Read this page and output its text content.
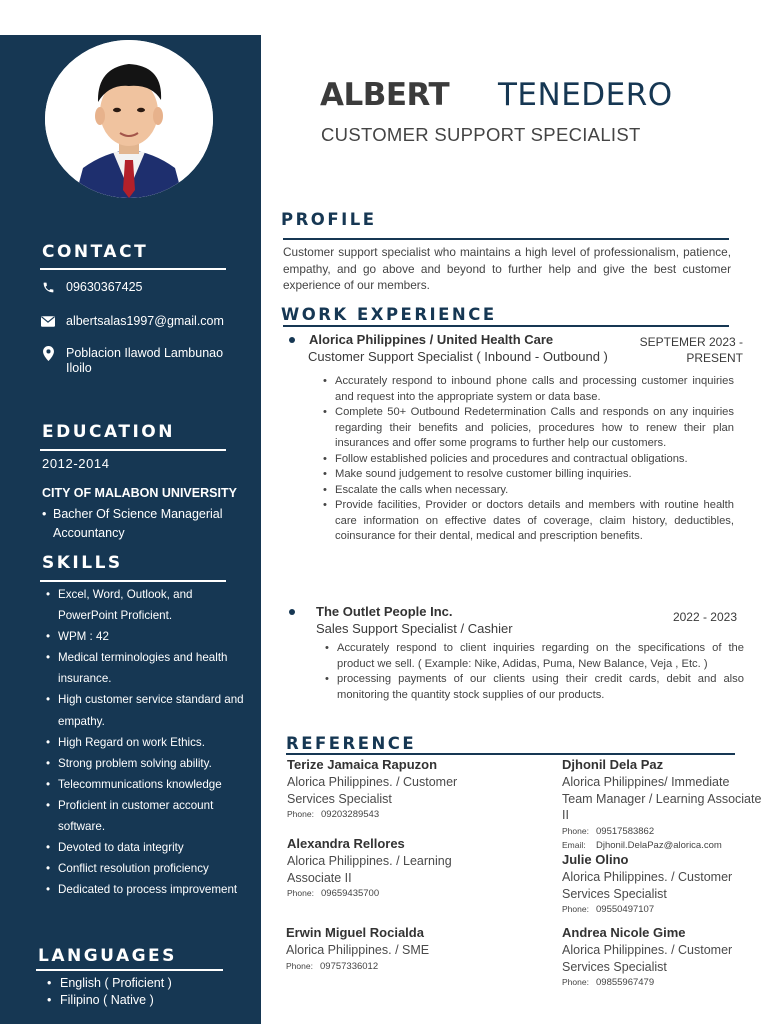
CONTACT
09630367425
albertsalas1997@gmail.com
Poblacion Ilawod Lambunao Iloilo
EDUCATION
2012-2014
CITY OF MALABON UNIVERSITY
• Bacher Of Science Managerial Accountancy
SKILLS
• Excel, Word, Outlook, and PowerPoint Proficient.
• WPM : 42
• Medical terminologies and health insurance.
• High customer service standard and empathy.
• High Regard on work Ethics.
• Strong problem solving ability.
• Telecommunications knowledge
• Proficient in customer account software.
• Devoted to data integrity
• Conflict resolution proficiency
• Dedicated to process improvement
LANGUAGES
• English ( Proficient )
• Filipino ( Native )
ALBERT TENEDERO
CUSTOMER SUPPORT SPECIALIST
PROFILE
Customer support specialist who maintains a high level of professionalism, patience, empathy, and go above and beyond to further help and give the best customer experience of our members.
WORK EXPERIENCE
Alorica Philippines / United Health Care
Customer Support Specialist ( Inbound - Outbound )
SEPTEMER 2023 -
PRESENT
• Accurately respond to inbound phone calls and processing customer inquiries and request into the appropriate system or data base.
• Complete 50+ Outbound Redetermination Calls and responds on any inquiries regarding their benefits and policies, procedures how to renew their plan insurances and offer some programs to further help our customers.
• Follow established policies and procedures and contractual obligations.
• Make sound judgement to resolve customer billing inquiries.
• Escalate the calls when necessary.
• Provide facilities, Provider or doctors details and members with routine health care information on effective dates of coverage, claim history, deductibles, coinsurance for their dental, medical and prescription benefits.
The Outlet People Inc.
Sales Support Specialist / Cashier
2022 - 2023
• Accurately respond to client inquiries regarding on the specifications of the product we sell. ( Example: Nike, Adidas, Puma, New Balance, Veja , Etc. )
• processing payments of our clients using their credit cards, debit and also monitoring the quantity stock supplies of our products.
REFERENCE
Terize Jamaica Rapuzon
Alorica Philippines. / Customer Services Specialist
Phone: 09203289543
Djhonil Dela Paz
Alorica Philippines/ Immediate Team Manager / Learning Associate II
Phone: 09517583862
Email: Djhonil.DelaPaz@alorica.com
Alexandra Rellores
Alorica Philippines. / Learning Associate II
Phone: 09659435700
Julie Olino
Alorica Philippines. / Customer Services Specialist
Phone: 09550497107
Erwin Miguel Rocialda
Alorica Philippines. / SME
Phone: 09757336012
Andrea Nicole Gime
Alorica Philippines. / Customer Services Specialist
Phone: 09855967479
